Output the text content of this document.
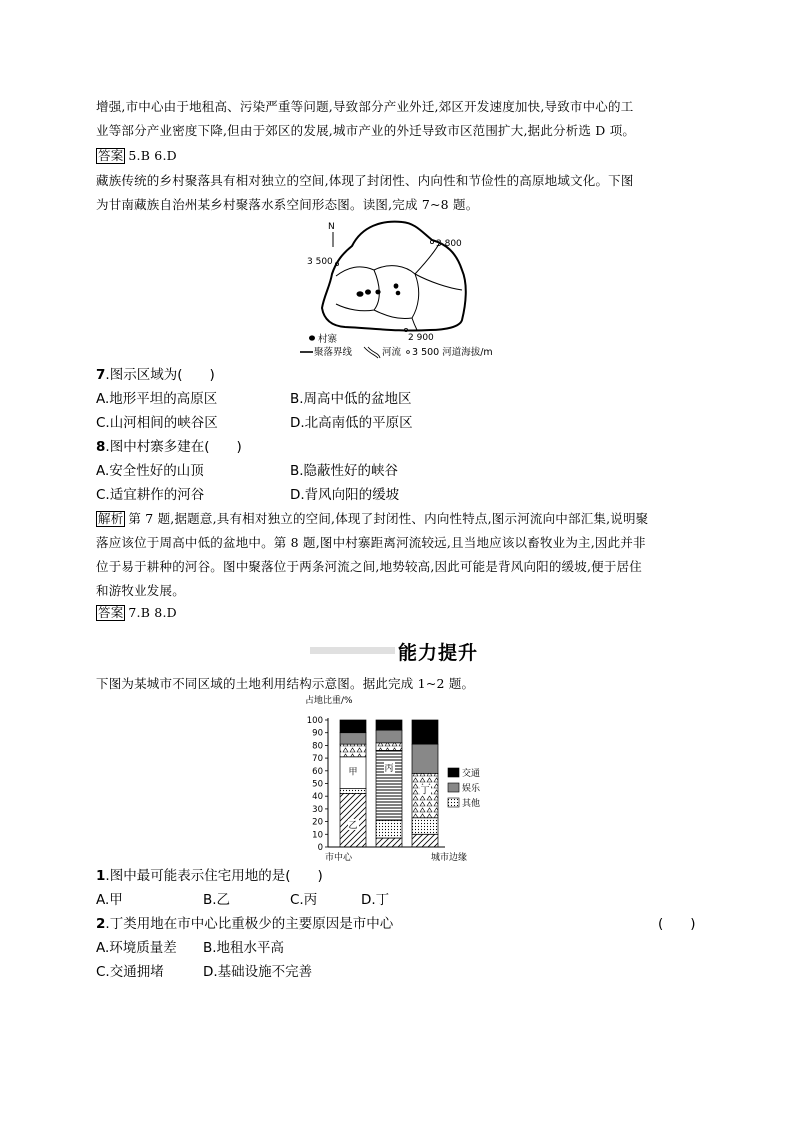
增强,市中心由于地租高、污染严重等问题,导致部分产业外迁,郊区开发速度加快,导致市中心的工
业等部分产业密度下降,但由于郊区的发展,城市产业的外迁导致市区范围扩大,据此分析选 D 项。
答案 5.B 6.D
藏族传统的乡村聚落具有相对独立的空间,体现了封闭性、内向性和节俭性的高原地域文化。下图
为甘南藏族自治州某乡村聚落水系空间形态图。读图,完成 7~8 题。
N
3 800
3 500
2 900
村寨
聚落界线	河流 3 500 河道海拔/m
7.图示区域为(　　)
A.地形平坦的高原区	B.周高中低的盆地区
C.山河相间的峡谷区	D.北高南低的平原区
8.图中村寨多建在(　　)
A.安全性好的山顶	B.隐蔽性好的峡谷
C.适宜耕作的河谷	D.背风向阳的缓坡
解析 第 7 题,据题意,具有相对独立的空间,体现了封闭性、内向性特点,图示河流向中部汇集,说明聚
落应该位于周高中低的盆地中。第 8 题,图中村寨距离河流较远,且当地应该以畜牧业为主,因此并非
位于易于耕种的河谷。图中聚落位于两条河流之间,地势较高,因此可能是背风向阳的缓坡,便于居住
和游牧业发展。
答案 7.B 8.D
能力提升
下图为某城市不同区域的土地利用结构示意图。据此完成 1~2 题。
0
10
20
30
40
50
60
70
80
90
100
甲
乙
丙
丁
占地比重/%
市中心	城市边缘
交通
娱乐
其他
1.图中最可能表示住宅用地的是(　　)
A.甲	B.乙	C.丙	D.丁
2.丁类用地在市中心比重极少的主要原因是市中心	(　　)
A.环境质量差 B.地租水平高
C.交通拥堵	D.基础设施不完善
